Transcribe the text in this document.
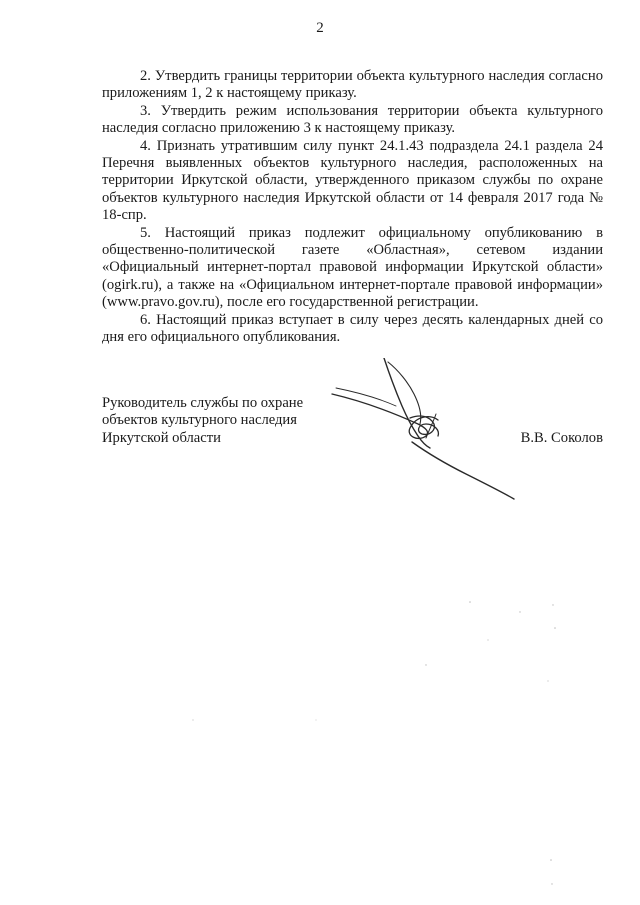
2

2. Утвердить границы территории объекта культурного наследия согласно приложениям 1, 2 к настоящему приказу.

3. Утвердить режим использования территории объекта культурного наследия согласно приложению 3 к настоящему приказу.

4. Признать утратившим силу пункт 24.1.43 подраздела 24.1 раздела 24 Перечня выявленных объектов культурного наследия, расположенных на территории Иркутской области, утвержденного приказом службы по охране объектов культурного наследия Иркутской области от 14 февраля 2017 года № 18-спр.

5. Настоящий приказ подлежит официальному опубликованию в общественно-политической газете «Областная», сетевом издании «Официальный интернет-портал правовой информации Иркутской области» (ogirk.ru), а также на «Официальном интернет-портале правовой информации» (www.pravo.gov.ru), после его государственной регистрации.

6. Настоящий приказ вступает в силу через десять календарных дней со дня его официального опубликования.

Руководитель службы по охране
объектов культурного наследия
Иркутской области	В.В. Соколов
